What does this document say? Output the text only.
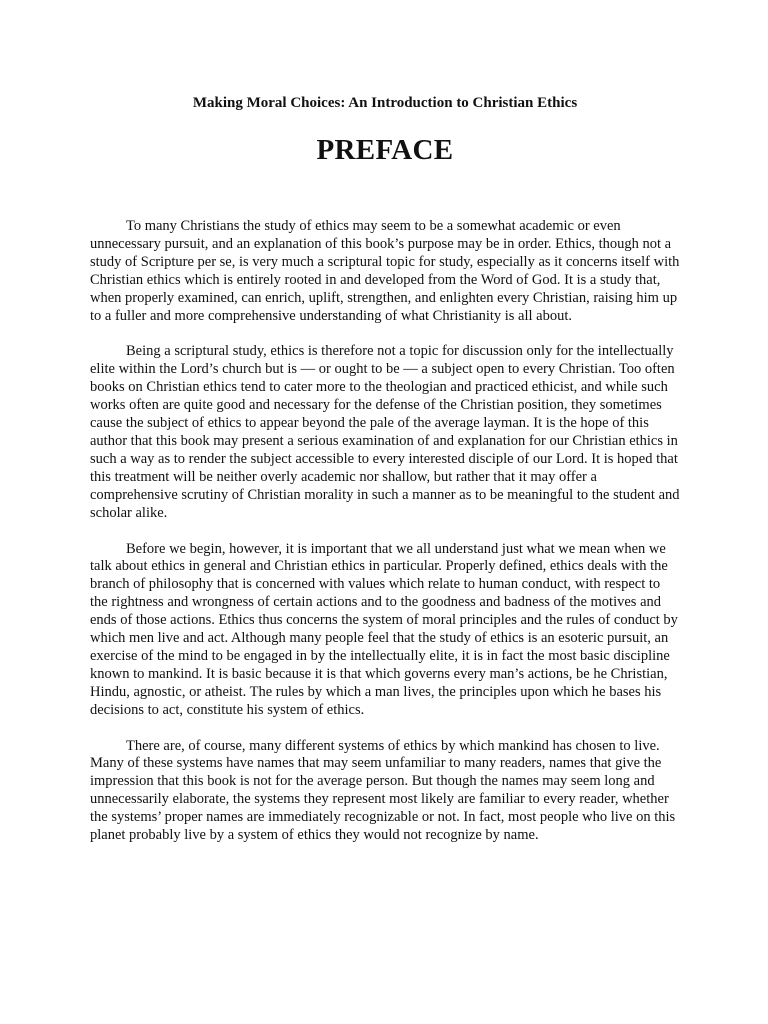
Making Moral Choices: An Introduction to Christian Ethics
PREFACE

To many Christians the study of ethics may seem to be a somewhat academic or even unnecessary pursuit, and an explanation of this book’s purpose may be in order. Ethics, though not a study of Scripture per se, is very much a scriptural topic for study, especially as it concerns itself with Christian ethics which is entirely rooted in and developed from the Word of God. It is a study that, when properly examined, can enrich, uplift, strengthen, and enlighten every Christian, raising him up to a fuller and more comprehensive understanding of what Christianity is all about.

Being a scriptural study, ethics is therefore not a topic for discussion only for the intellectually elite within the Lord’s church but is — or ought to be — a subject open to every Christian. Too often books on Christian ethics tend to cater more to the theologian and practiced ethicist, and while such works often are quite good and necessary for the defense of the Christian position, they sometimes cause the subject of ethics to appear beyond the pale of the average layman. It is the hope of this author that this book may present a serious examination of and explanation for our Christian ethics in such a way as to render the subject accessible to every interested disciple of our Lord. It is hoped that this treatment will be neither overly academic nor shallow, but rather that it may offer a comprehensive scrutiny of Christian morality in such a manner as to be meaningful to the student and scholar alike.

Before we begin, however, it is important that we all understand just what we mean when we talk about ethics in general and Christian ethics in particular. Properly defined, ethics deals with the branch of philosophy that is concerned with values which relate to human conduct, with respect to the rightness and wrongness of certain actions and to the goodness and badness of the motives and ends of those actions. Ethics thus concerns the system of moral principles and the rules of conduct by which men live and act. Although many people feel that the study of ethics is an esoteric pursuit, an exercise of the mind to be engaged in by the intellectually elite, it is in fact the most basic discipline known to mankind. It is basic because it is that which governs every man’s actions, be he Christian, Hindu, agnostic, or atheist. The rules by which a man lives, the principles upon which he bases his decisions to act, constitute his system of ethics.

There are, of course, many different systems of ethics by which mankind has chosen to live. Many of these systems have names that may seem unfamiliar to many readers, names that give the impression that this book is not for the average person. But though the names may seem long and unnecessarily elaborate, the systems they represent most likely are familiar to every reader, whether the systems’ proper names are immediately recognizable or not. In fact, most people who live on this planet probably live by a system of ethics they would not recognize by name.
